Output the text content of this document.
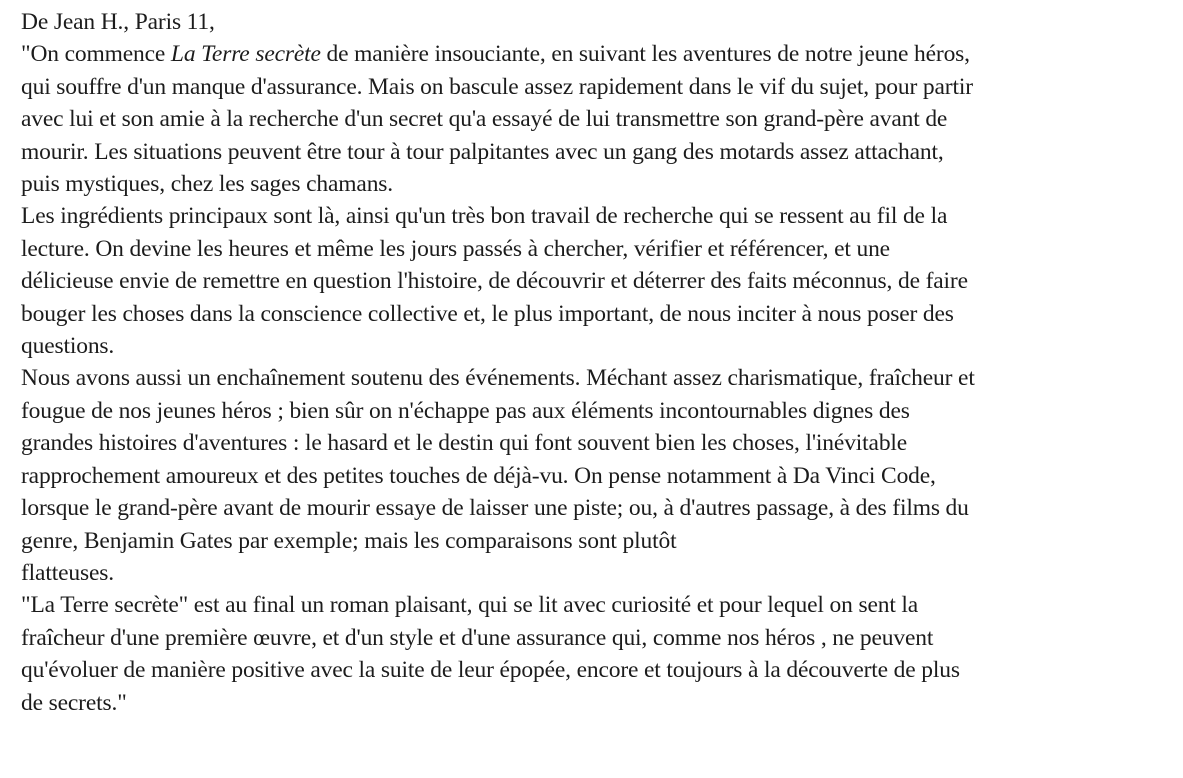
De Jean H., Paris 11,
"On commence La Terre secrète de manière insouciante, en suivant les aventures de notre jeune héros,
qui souffre d'un manque d'assurance. Mais on bascule assez rapidement dans le vif du sujet, pour partir
avec lui et son amie à la recherche d'un secret qu'a essayé de lui transmettre son grand-père avant de
mourir. Les situations peuvent être tour à tour palpitantes avec un gang des motards assez attachant,
puis mystiques, chez les sages chamans.
Les ingrédients principaux sont là, ainsi qu'un très bon travail de recherche qui se ressent au fil de la
lecture. On devine les heures et même les jours passés à chercher, vérifier et référencer, et une
délicieuse envie de remettre en question l'histoire, de découvrir et déterrer des faits méconnus, de faire
bouger les choses dans la conscience collective et, le plus important, de nous inciter à nous poser des
questions.
Nous avons aussi un enchaînement soutenu des événements. Méchant assez charismatique, fraîcheur et
fougue de nos jeunes héros ; bien sûr on n'échappe pas aux éléments incontournables dignes des
grandes histoires d'aventures : le hasard et le destin qui font souvent bien les choses, l'inévitable
rapprochement amoureux et des petites touches de déjà-vu. On pense notamment à Da Vinci Code,
lorsque le grand-père avant de mourir essaye de laisser une piste; ou, à d'autres passage, à des films du
genre, Benjamin Gates par exemple; mais les comparaisons sont plutôt
flatteuses.
"La Terre secrète" est au final un roman plaisant, qui se lit avec curiosité et pour lequel on sent la
fraîcheur d'une première œuvre, et d'un style et d'une assurance qui, comme nos héros , ne peuvent
qu'évoluer de manière positive avec la suite de leur épopée, encore et toujours à la découverte de plus
de secrets."
